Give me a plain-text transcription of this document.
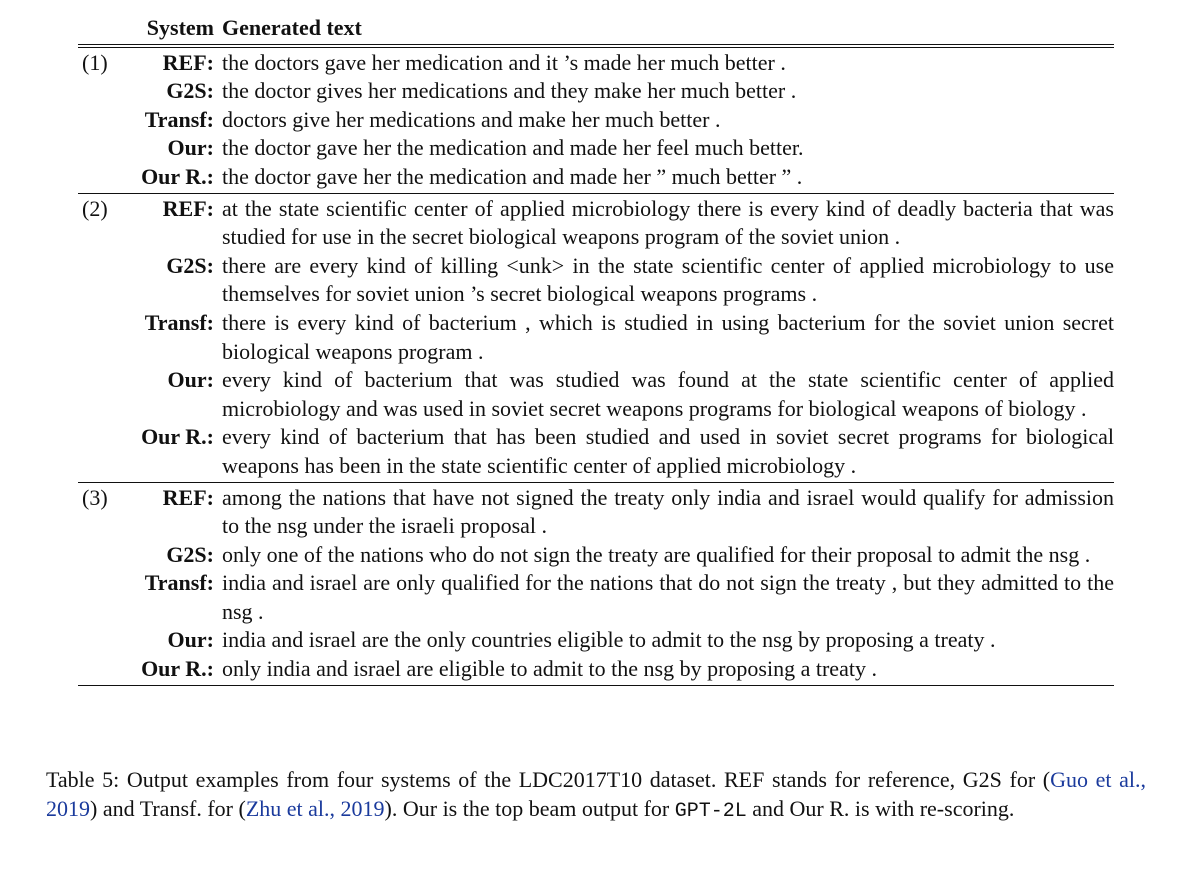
	System	Generated text
(1)	REF:	the doctors gave her medication and it ’s made her much better .
	G2S:	the doctor gives her medications and they make her much better .
	Transf:	doctors give her medications and make her much better .
	Our:	the doctor gave her the medication and made her feel much better.
	Our R.:	the doctor gave her the medication and made her ” much better ” .
(2)	REF:	at the state scientific center of applied microbiology there is every kind of deadly bacteria that was studied for use in the secret biological weapons program of the soviet union .
	G2S:	there are every kind of killing <unk> in the state scientific center of applied microbiology to use themselves for soviet union ’s secret biological weapons programs .
	Transf:	there is every kind of bacterium , which is studied in using bacterium for the soviet union secret biological weapons program .
	Our:	every kind of bacterium that was studied was found at the state scientific center of applied microbiology and was used in soviet secret weapons programs for biological weapons of biology .
	Our R.:	every kind of bacterium that has been studied and used in soviet secret programs for biological weapons has been in the state scientific center of applied microbiology .
(3)	REF:	among the nations that have not signed the treaty only india and israel would qualify for admission to the nsg under the israeli proposal .
	G2S:	only one of the nations who do not sign the treaty are qualified for their proposal to admit the nsg .
	Transf:	india and israel are only qualified for the nations that do not sign the treaty , but they admitted to the nsg .
	Our:	india and israel are the only countries eligible to admit to the nsg by proposing a treaty .
	Our R.:	only india and israel are eligible to admit to the nsg by proposing a treaty .
Table 5: Output examples from four systems of the LDC2017T10 dataset. REF stands for reference, G2S for (Guo et al., 2019) and Transf. for (Zhu et al., 2019). Our is the top beam output for GPT-2L and Our R. is with re-scoring.
